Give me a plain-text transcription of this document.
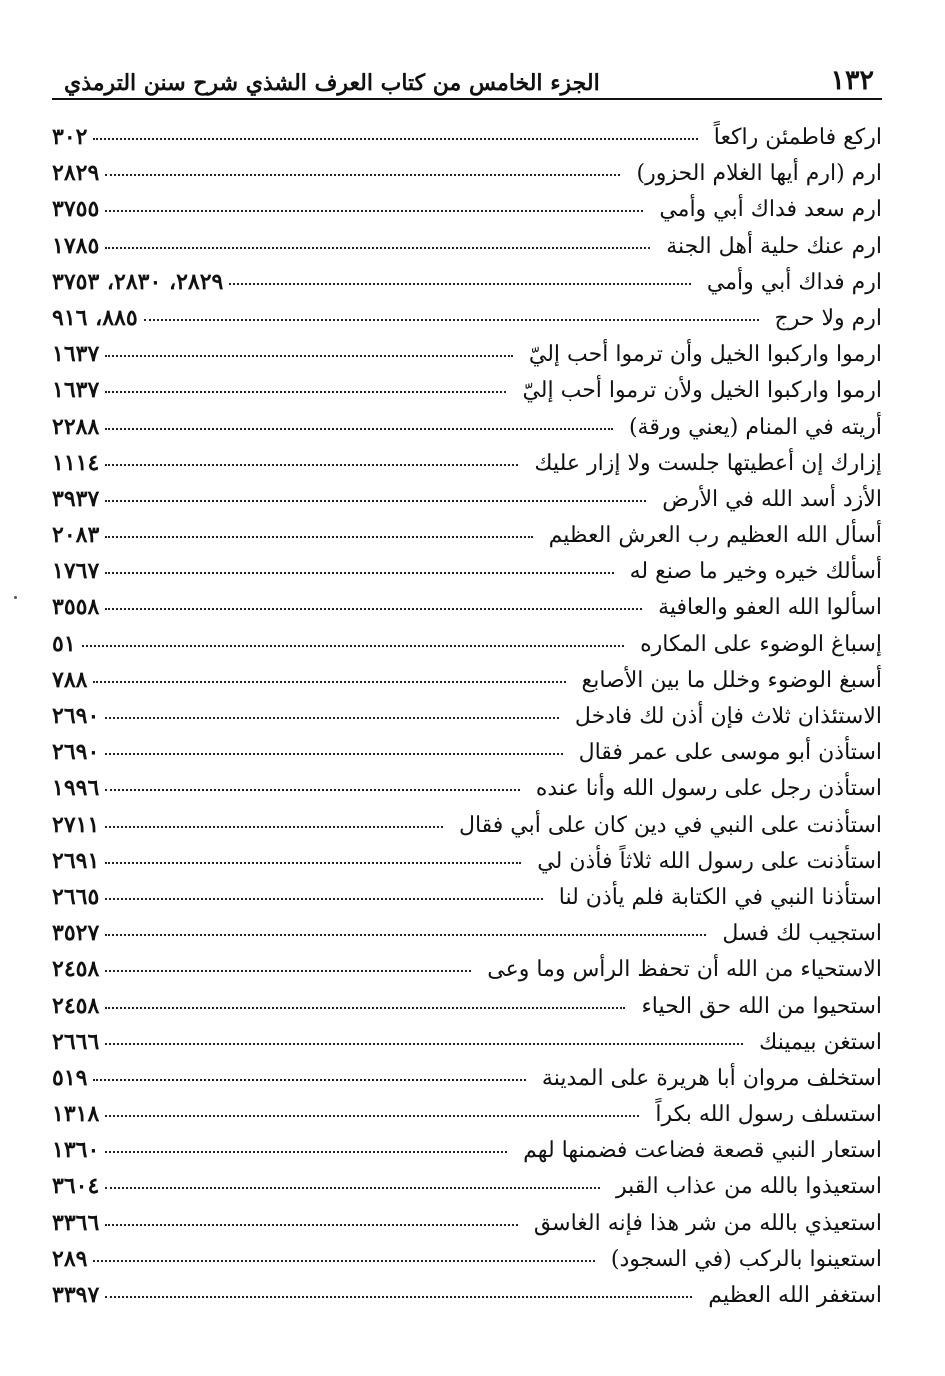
١٣٢
الجزء الخامس من كتاب العرف الشذي شرح سنن الترمذي
اركع فاطمئن راكعاً
٣٠٢
ارم (ارم أيها الغلام الحزور)
٢٨٢٩
ارم سعد فداك أبي وأمي
٣٧٥٥
ارم عنك حلية أهل الجنة
١٧٨٥
ارم فداك أبي وأمي
٢٨٢٩، ٢٨٣٠، ٣٧٥٣
ارم ولا حرج
٨٨٥، ٩١٦
ارموا واركبوا الخيل وأن ترموا أحب إليّ
١٦٣٧
ارموا واركبوا الخيل ولأن ترموا أحب إليّ
١٦٣٧
أريته في المنام (يعني ورقة)
٢٢٨٨
إزارك إن أعطيتها جلست ولا إزار عليك
١١١٤
الأزد أسد الله في الأرض
٣٩٣٧
أسأل الله العظيم رب العرش العظيم
٢٠٨٣
أسألك خيره وخير ما صنع له
١٧٦٧
اسألوا الله العفو والعافية
٣٥٥٨
إسباغ الوضوء على المكاره
٥١
أسبغ الوضوء وخلل ما بين الأصابع
٧٨٨
الاستئذان ثلاث فإن أذن لك فادخل
٢٦٩٠
استأذن أبو موسى على عمر فقال
٢٦٩٠
استأذن رجل على رسول الله وأنا عنده
١٩٩٦
استأذنت على النبي في دين كان على أبي فقال
٢٧١١
استأذنت على رسول الله ثلاثاً فأذن لي
٢٦٩١
استأذنا النبي في الكتابة فلم يأذن لنا
٢٦٦٥
استجيب لك فسل
٣٥٢٧
الاستحياء من الله أن تحفظ الرأس وما وعى
٢٤٥٨
استحيوا من الله حق الحياء
٢٤٥٨
استغن بيمينك
٢٦٦٦
استخلف مروان أبا هريرة على المدينة
٥١٩
استسلف رسول الله بكراً
١٣١٨
استعار النبي قصعة فضاعت فضمنها لهم
١٣٦٠
استعيذوا بالله من عذاب القبر
٣٦٠٤
استعيذي بالله من شر هذا فإنه الغاسق
٣٣٦٦
استعينوا بالركب (في السجود)
٢٨٩
استغفر الله العظيم
٣٣٩٧
